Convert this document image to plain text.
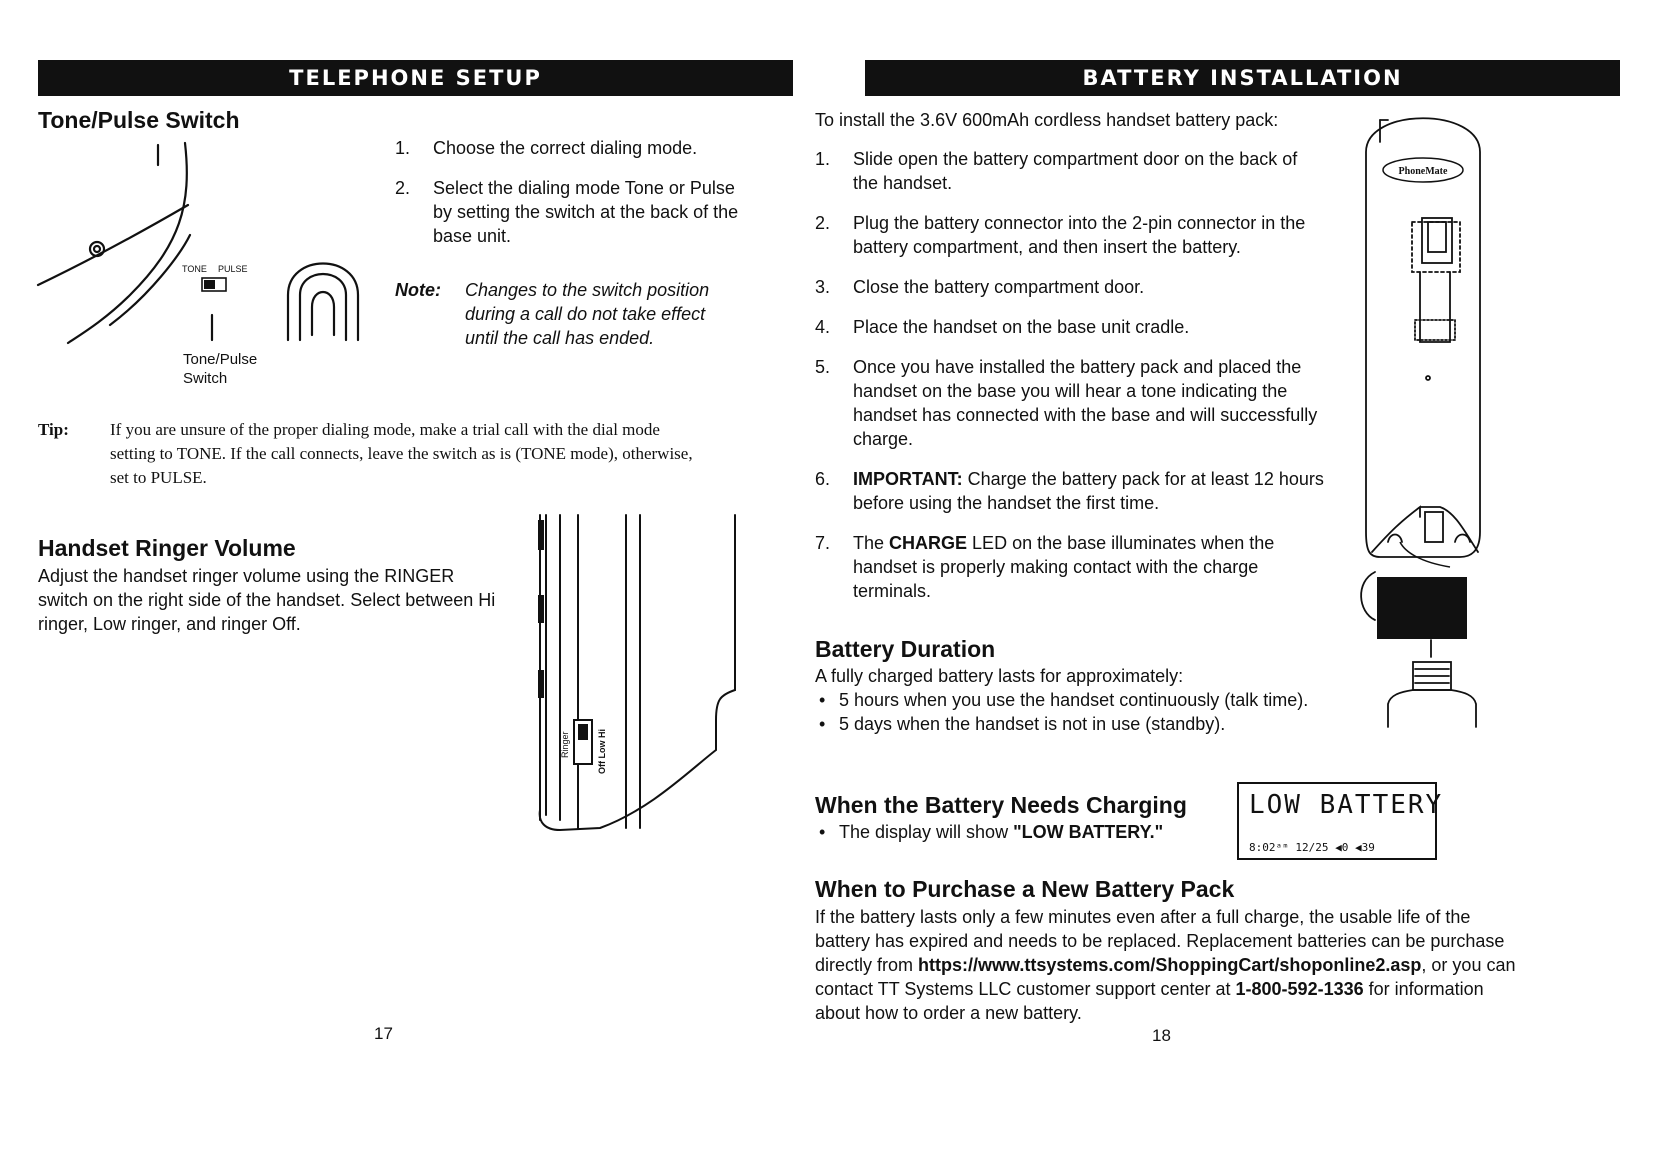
TELEPHONE SETUP
Tone/Pulse Switch
TONE PULSE
Tone/Pulse
Switch
1. Choose the correct dialing mode.
2. Select the dialing mode Tone or Pulse by setting the switch at the back of the base unit.
Note:	Changes to the switch position during a call do not take effect until the call has ended.
Tip:	If you are unsure of the proper dialing mode, make a trial call with the dial mode setting to TONE. If the call connects, leave the switch as is (TONE mode), otherwise, set to PULSE.
Handset Ringer Volume
Adjust the handset ringer volume using the RINGER switch on the right side of the handset. Select between Hi ringer, Low ringer, and ringer Off.
Ringer	Off Low Hi
17
BATTERY INSTALLATION
To install the 3.6V 600mAh cordless handset battery pack:
1. Slide open the battery compartment door on the back of the handset.
2. Plug the battery connector into the 2-pin connector in the battery compartment, and then insert the battery.
3. Close the battery compartment door.
4. Place the handset on the base unit cradle.
5. Once you have installed the battery pack and placed the handset on the base you will hear a tone indicating the handset has connected with the base and will successfully charge.
6. IMPORTANT: Charge the battery pack for at least 12 hours before using the handset the first time.
7. The CHARGE LED on the base illuminates when the handset is properly making contact with the charge terminals.
Battery Duration
A fully charged battery lasts for approximately:
• 5 hours when you use the handset continuously (talk time).
• 5 days when the handset is not in use (standby).
When the Battery Needs Charging
• The display will show "LOW BATTERY."
LOW BATTERY
8:02ᵃᵐ 12/25 ◀0 ◀39
When to Purchase a New Battery Pack
If the battery lasts only a few minutes even after a full charge, the usable life of the battery has expired and needs to be replaced. Replacement batteries can be purchase directly from https://www.ttsystems.com/ShoppingCart/shoponline2.asp, or you can contact TT Systems LLC customer support center at 1-800-592-1336 for information about how to order a new battery.
PhoneMate
18
